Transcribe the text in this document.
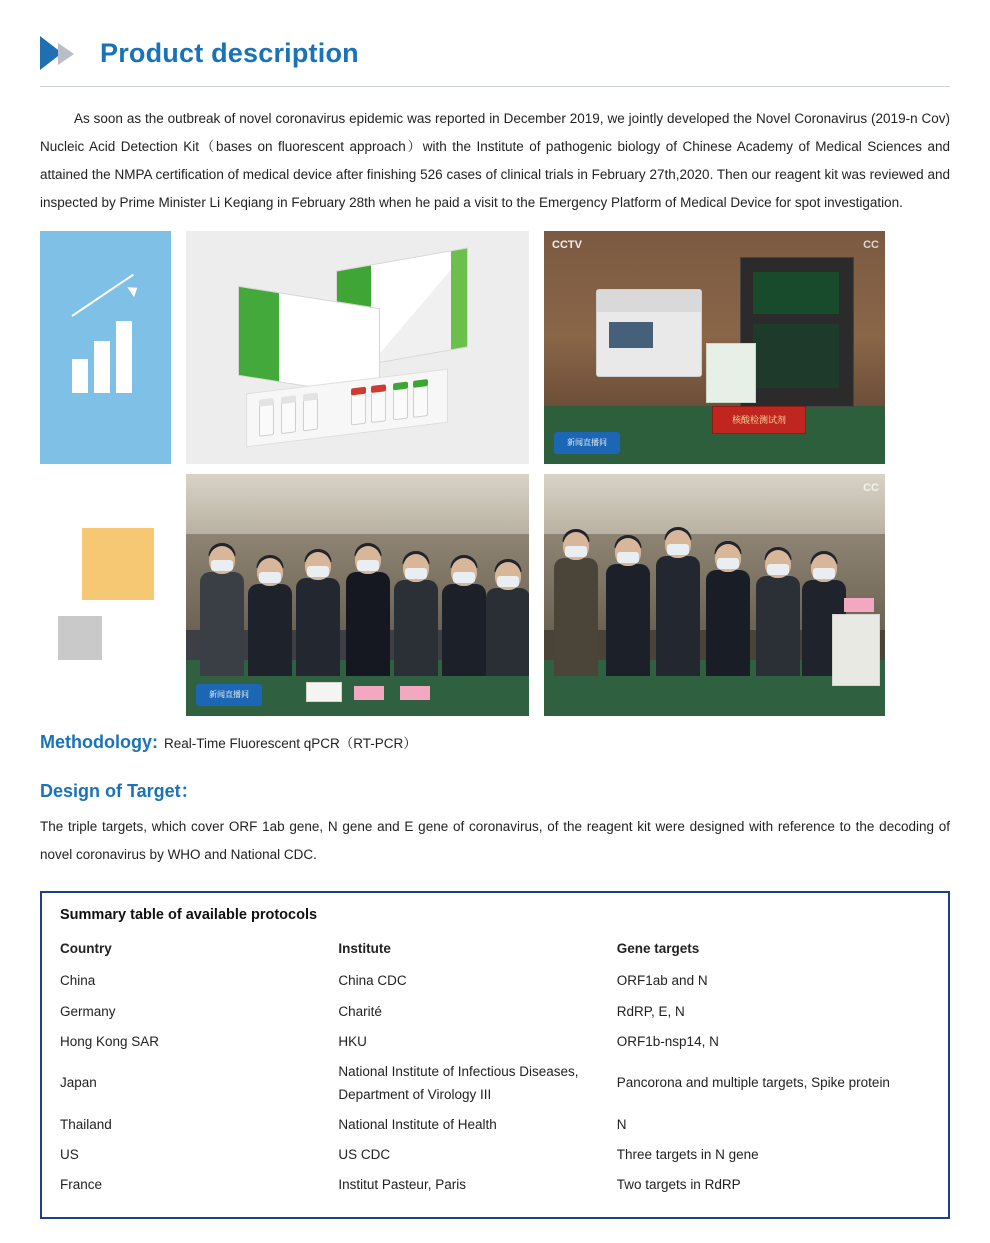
Product description
As soon as the outbreak of novel coronavirus epidemic was reported in December 2019, we jointly developed the Novel Coronavirus (2019-n Cov) Nucleic Acid Detection Kit（bases on fluorescent approach）with the Institute of pathogenic biology of Chinese Academy of Medical Sciences and attained the NMPA certification of medical device after finishing 526 cases of clinical trials in February 27th,2020. Then our reagent kit was reviewed and inspected by Prime Minister Li Keqiang in February 28th when he paid a visit to the Emergency Platform of Medical Device for spot investigation.
核酸检测试剂
CCTV	CC
新闻直播间
新闻直播间
CC
Methodology: Real-Time Fluorescent qPCR（RT-PCR）
Design of Target：
The triple targets, which cover ORF 1ab gene, N gene and E gene of coronavirus, of the reagent kit were designed with reference to the decoding of novel coronavirus by WHO and National CDC.
Summary table of available protocols
Country	Institute	Gene targets
China	China CDC	ORF1ab and N
Germany	Charité	RdRP, E, N
Hong Kong SAR	HKU	ORF1b-nsp14, N
Japan	National Institute of Infectious Diseases, Department of Virology III	Pancorona and multiple targets, Spike protein
Thailand	National Institute of Health	N
US	US CDC	Three targets in N gene
France	Institut Pasteur, Paris	Two targets in RdRP
